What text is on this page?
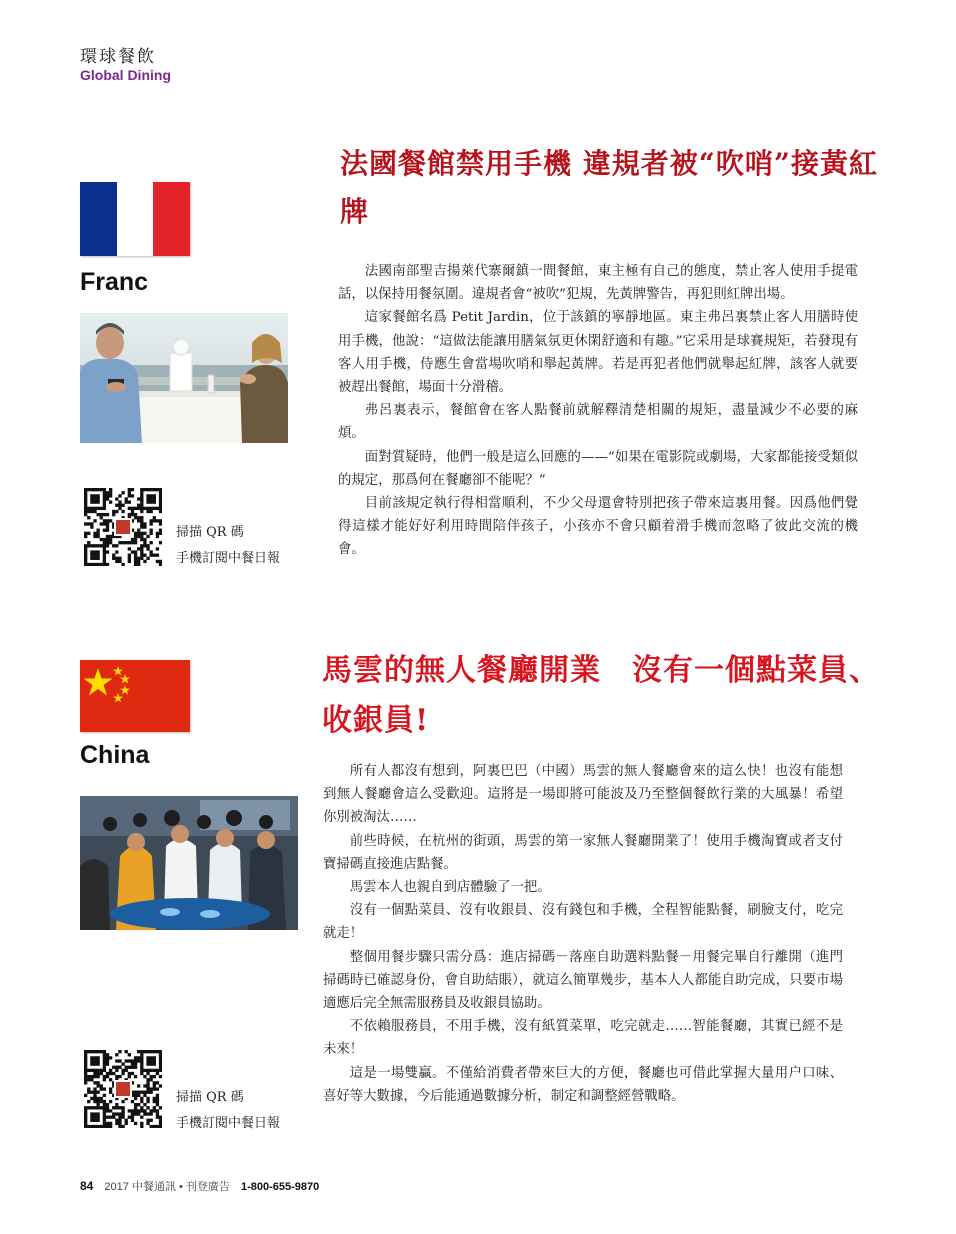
環球餐飲
Global Dining
Franc
掃描 QR 碼
手機訂閱中餐日報
法國餐館禁用手機 違規者被“吹哨”接黃紅牌

法國南部聖吉揚萊代寨爾鎮一間餐館，東主極有自己的態度，禁止客人使用手提電話，以保持用餐氛圍。違規者會“被吹”犯規，先黃牌警告，再犯則紅牌出場。

這家餐館名爲 Petit Jardin，位于該鎮的寧靜地區。東主弗呂裏禁止客人用膳時使用手機，他說：“這做法能讓用膳氣氛更休閑舒適和有趣。”它采用是球賽規矩，若發現有客人用手機，侍應生會當場吹哨和舉起黃牌。若是再犯者他們就舉起紅牌，該客人就要被趕出餐館，場面十分滑稽。

弗呂裏表示，餐館會在客人點餐前就解釋清楚相關的規矩，盡量減少不必要的麻煩。

面對質疑時，他們一般是這么回應的——“如果在電影院或劇場，大家都能接受類似的規定，那爲何在餐廳卻不能呢？”

目前該規定執行得相當順利，不少父母還會特別把孩子帶來這裏用餐。因爲他們覺得這樣才能好好利用時間陪伴孩子，小孩亦不會只顧着滑手機而忽略了彼此交流的機會。

China
掃描 QR 碼
手機訂閱中餐日報
馬雲的無人餐廳開業　沒有一個點菜員、收銀員!

所有人都沒有想到，阿裏巴巴（中國）馬雲的無人餐廳會來的這么快！也沒有能想到無人餐廳會這么受歡迎。這將是一場即將可能波及乃至整個餐飲行業的大風暴！希望你別被淘汰……

前些時候，在杭州的街頭，馬雲的第一家無人餐廳開業了！使用手機淘寶或者支付寶掃碼直接進店點餐。

馬雲本人也親自到店體驗了一把。

沒有一個點菜員、沒有收銀員、沒有錢包和手機，全程智能點餐，刷臉支付，吃完就走！

整個用餐步驟只需分爲：進店掃碼－落座自助選料點餐－用餐完畢自行離開（進門掃碼時已確認身份，會自助結賬），就這么簡單幾步，基本人人都能自助完成，只要市場適應后完全無需服務員及收銀員協助。

不依賴服務員，不用手機，沒有紙質菜單，吃完就走……智能餐廳，其實已經不是未來！

這是一場雙贏。不僅給消費者帶來巨大的方便，餐廳也可借此掌握大量用户口味、喜好等大數據，今后能通過數據分析，制定和調整經營戰略。

84 2017 中餐通訊 • 刊登廣告 1-800-655-9870
